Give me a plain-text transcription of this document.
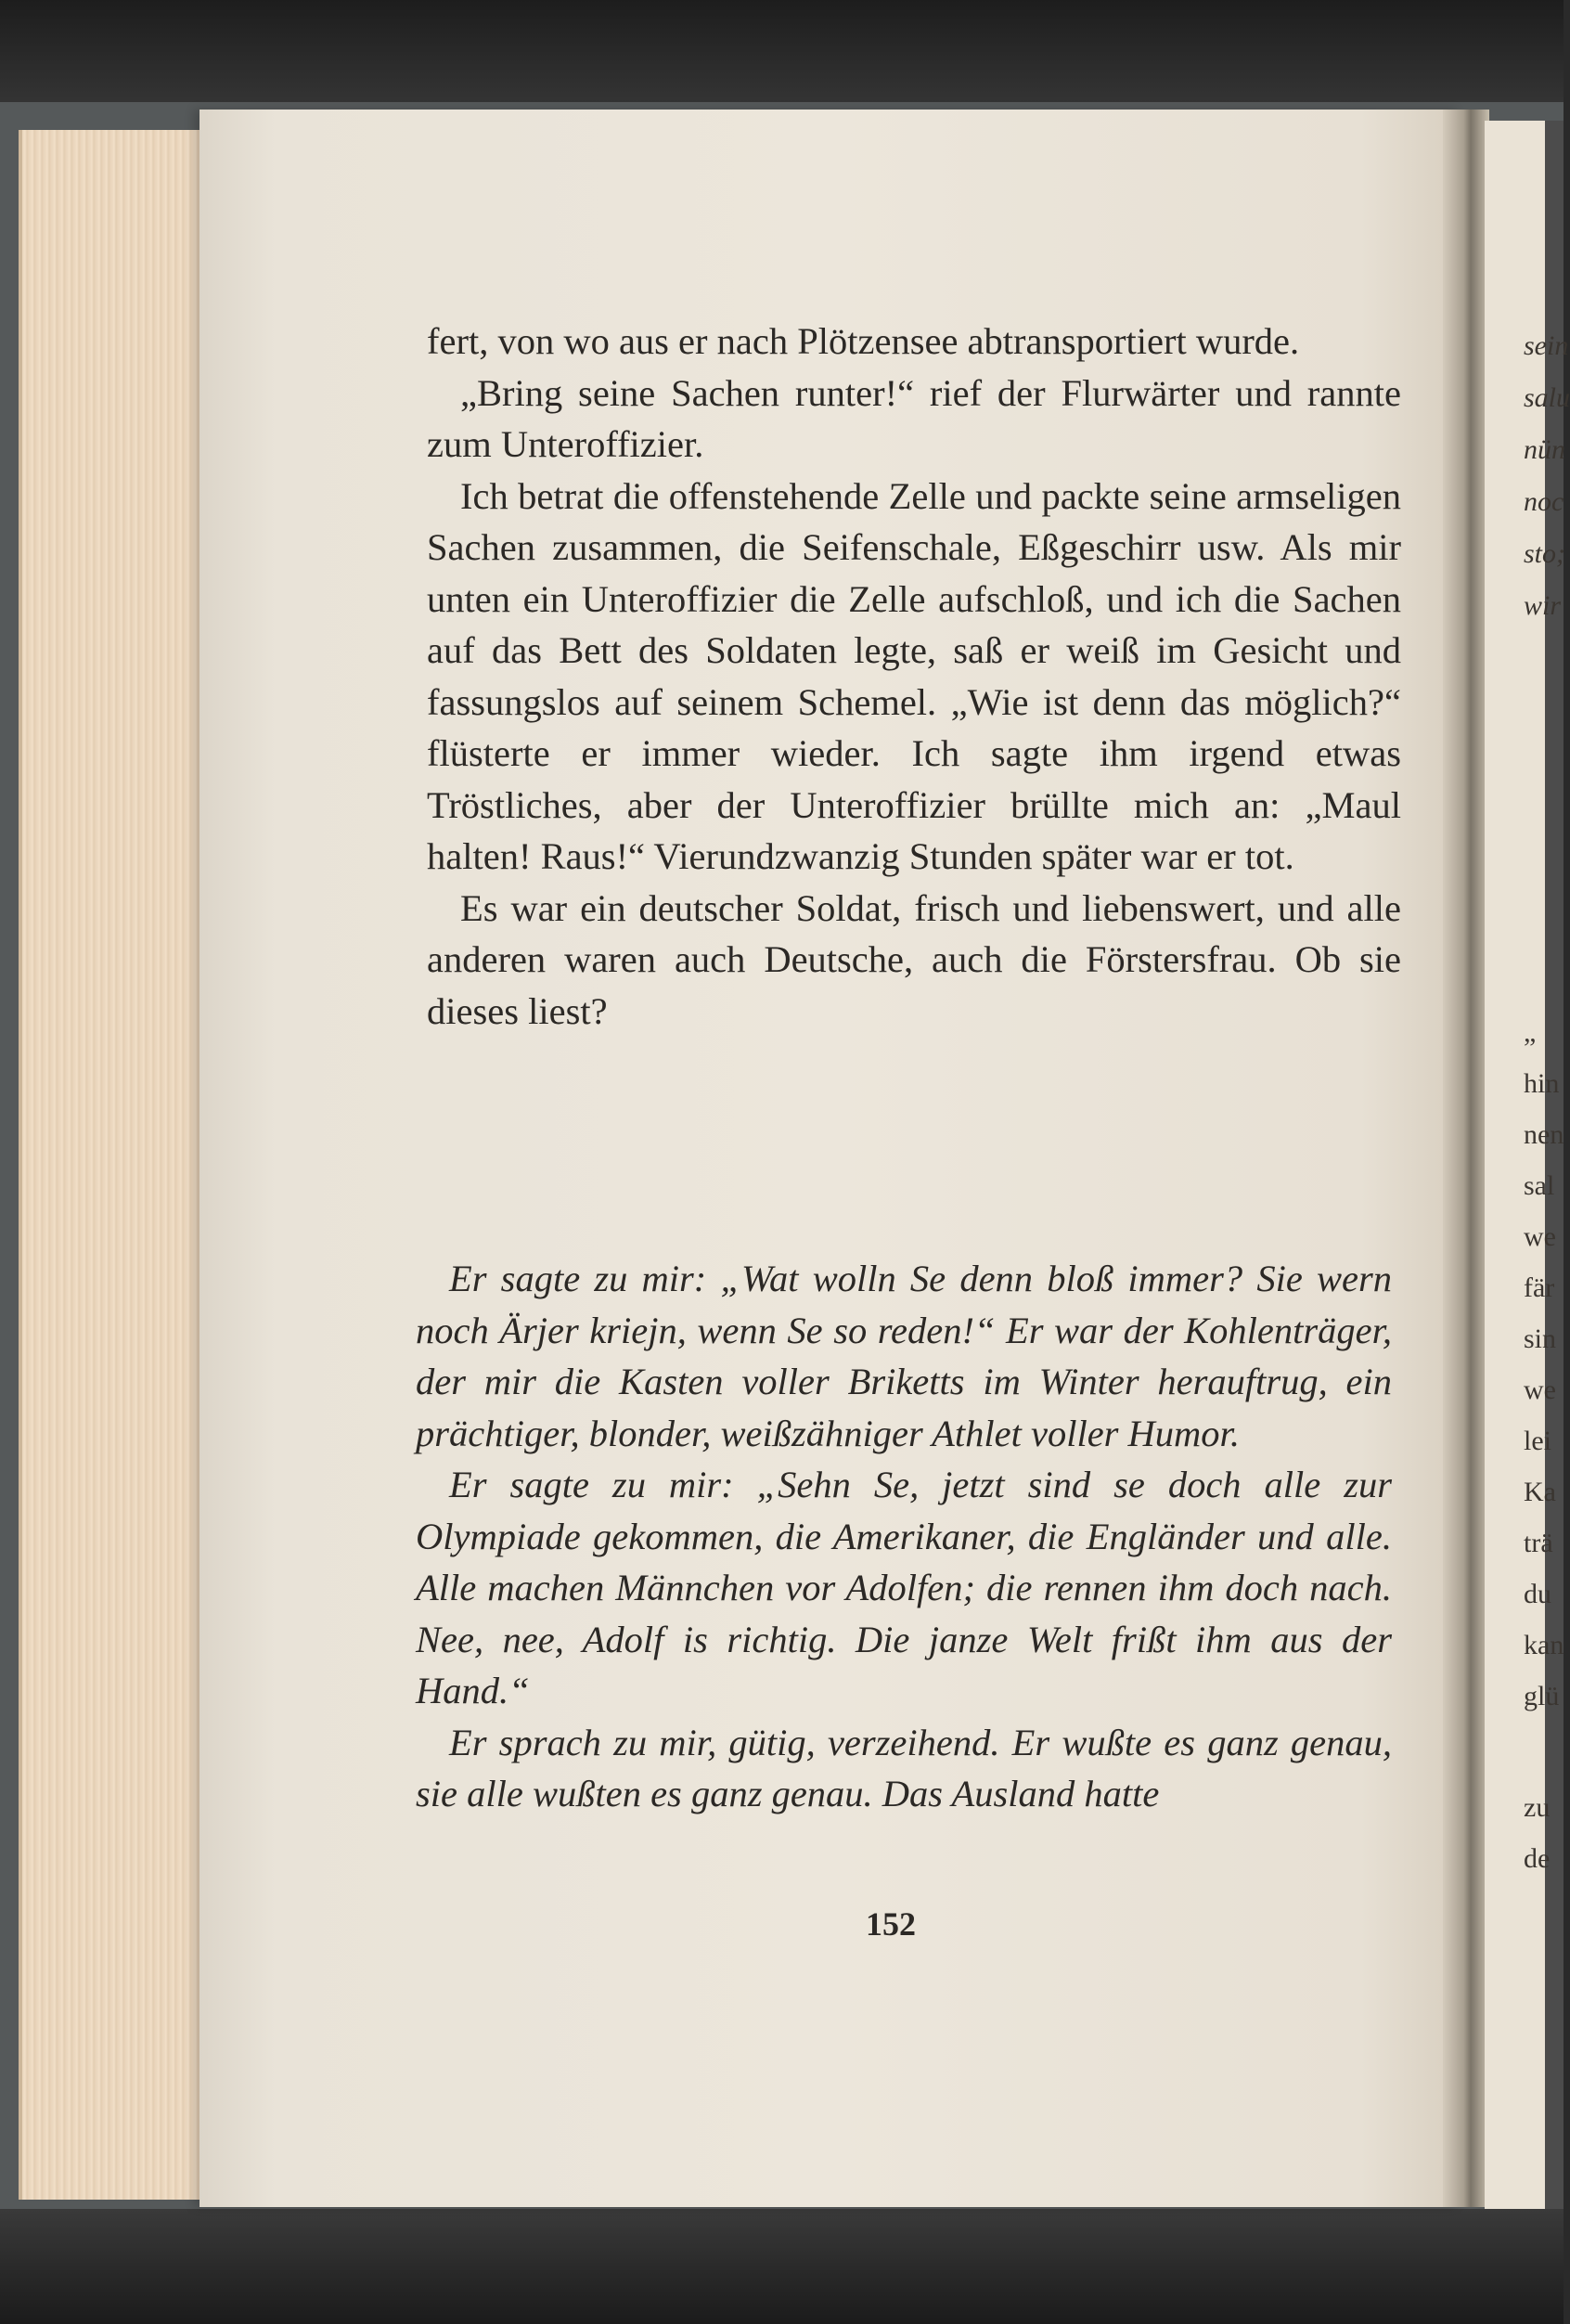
fert, von wo aus er nach Plötzensee abtransportiert wurde.

„Bring seine Sachen runter!“ rief der Flurwärter und rannte zum Unteroffizier.

Ich betrat die offenstehende Zelle und packte seine armseligen Sachen zusammen, die Seifenschale, Eßgeschirr usw. Als mir unten ein Unteroffizier die Zelle aufschloß, und ich die Sachen auf das Bett des Soldaten legte, saß er weiß im Gesicht und fassungslos auf seinem Schemel. „Wie ist denn das möglich?“ flüsterte er immer wieder. Ich sagte ihm irgend etwas Tröstliches, aber der Unteroffizier brüllte mich an: „Maul halten! Raus!“ Vierundzwanzig Stunden später war er tot.

Es war ein deutscher Soldat, frisch und liebenswert, und alle anderen waren auch Deutsche, auch die Förstersfrau. Ob sie dieses liest?

Er sagte zu mir: „Wat wolln Se denn bloß immer? Sie wern noch Ärjer kriejn, wenn Se so reden!“ Er war der Kohlenträger, der mir die Kasten voller Briketts im Winter herauftrug, ein prächtiger, blonder, weißzähniger Athlet voller Humor.

Er sagte zu mir: „Sehn Se, jetzt sind se doch alle zur Olympiade gekommen, die Amerikaner, die Engländer und alle. Alle machen Männchen vor Adolfen; die rennen ihm doch nach. Nee, nee, Adolf is richtig. Die janze Welt frißt ihm aus der Hand.“

Er sprach zu mir, gütig, verzeihend. Er wußte es ganz genau, sie alle wußten es ganz genau. Das Ausland hatte

152
sein
salu
nün
noc
sto;
wir
„
hin
nen
sal
we
fär
sin
we
lei
Ka
trä
du
kan
glü
zu
de
